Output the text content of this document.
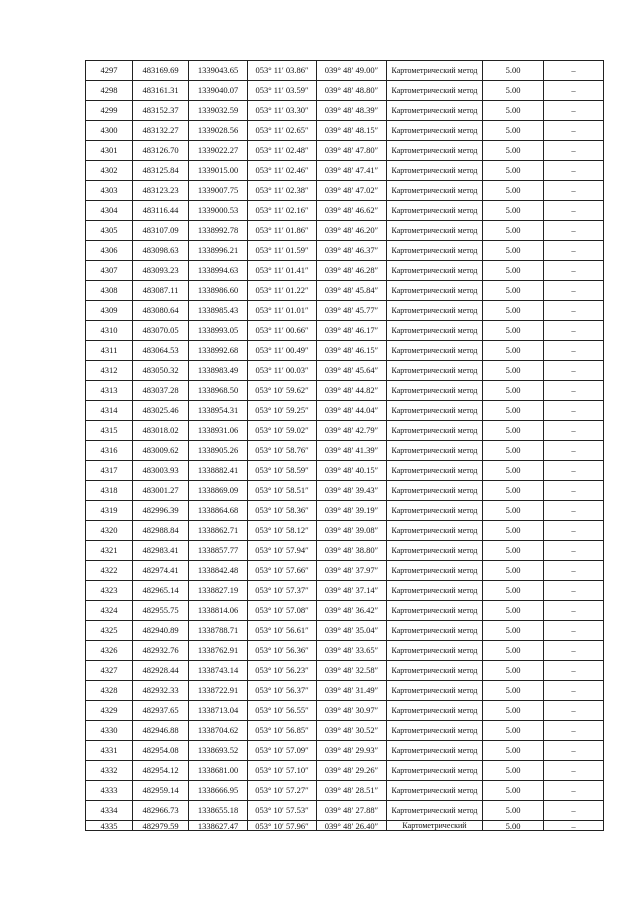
4297	483169.69	1339043.65	053° 11′ 03.86″	039° 48′ 49.00″	Картометрический метод	5.00	–
4298	483161.31	1339040.07	053° 11′ 03.59″	039° 48′ 48.80″	Картометрический метод	5.00	–
4299	483152.37	1339032.59	053° 11′ 03.30″	039° 48′ 48.39″	Картометрический метод	5.00	–
4300	483132.27	1339028.56	053° 11′ 02.65″	039° 48′ 48.15″	Картометрический метод	5.00	–
4301	483126.70	1339022.27	053° 11′ 02.48″	039° 48′ 47.80″	Картометрический метод	5.00	–
4302	483125.84	1339015.00	053° 11′ 02.46″	039° 48′ 47.41″	Картометрический метод	5.00	–
4303	483123.23	1339007.75	053° 11′ 02.38″	039° 48′ 47.02″	Картометрический метод	5.00	–
4304	483116.44	1339000.53	053° 11′ 02.16″	039° 48′ 46.62″	Картометрический метод	5.00	–
4305	483107.09	1338992.78	053° 11′ 01.86″	039° 48′ 46.20″	Картометрический метод	5.00	–
4306	483098.63	1338996.21	053° 11′ 01.59″	039° 48′ 46.37″	Картометрический метод	5.00	–
4307	483093.23	1338994.63	053° 11′ 01.41″	039° 48′ 46.28″	Картометрический метод	5.00	–
4308	483087.11	1338986.60	053° 11′ 01.22″	039° 48′ 45.84″	Картометрический метод	5.00	–
4309	483080.64	1338985.43	053° 11′ 01.01″	039° 48′ 45.77″	Картометрический метод	5.00	–
4310	483070.05	1338993.05	053° 11′ 00.66″	039° 48′ 46.17″	Картометрический метод	5.00	–
4311	483064.53	1338992.68	053° 11′ 00.49″	039° 48′ 46.15″	Картометрический метод	5.00	–
4312	483050.32	1338983.49	053° 11′ 00.03″	039° 48′ 45.64″	Картометрический метод	5.00	–
4313	483037.28	1338968.50	053° 10′ 59.62″	039° 48′ 44.82″	Картометрический метод	5.00	–
4314	483025.46	1338954.31	053° 10′ 59.25″	039° 48′ 44.04″	Картометрический метод	5.00	–
4315	483018.02	1338931.06	053° 10′ 59.02″	039° 48′ 42.79″	Картометрический метод	5.00	–
4316	483009.62	1338905.26	053° 10′ 58.76″	039° 48′ 41.39″	Картометрический метод	5.00	–
4317	483003.93	1338882.41	053° 10′ 58.59″	039° 48′ 40.15″	Картометрический метод	5.00	–
4318	483001.27	1338869.09	053° 10′ 58.51″	039° 48′ 39.43″	Картометрический метод	5.00	–
4319	482996.39	1338864.68	053° 10′ 58.36″	039° 48′ 39.19″	Картометрический метод	5.00	–
4320	482988.84	1338862.71	053° 10′ 58.12″	039° 48′ 39.08″	Картометрический метод	5.00	–
4321	482983.41	1338857.77	053° 10′ 57.94″	039° 48′ 38.80″	Картометрический метод	5.00	–
4322	482974.41	1338842.48	053° 10′ 57.66″	039° 48′ 37.97″	Картометрический метод	5.00	–
4323	482965.14	1338827.19	053° 10′ 57.37″	039° 48′ 37.14″	Картометрический метод	5.00	–
4324	482955.75	1338814.06	053° 10′ 57.08″	039° 48′ 36.42″	Картометрический метод	5.00	–
4325	482940.89	1338788.71	053° 10′ 56.61″	039° 48′ 35.04″	Картометрический метод	5.00	–
4326	482932.76	1338762.91	053° 10′ 56.36″	039° 48′ 33.65″	Картометрический метод	5.00	–
4327	482928.44	1338743.14	053° 10′ 56.23″	039° 48′ 32.58″	Картометрический метод	5.00	–
4328	482932.33	1338722.91	053° 10′ 56.37″	039° 48′ 31.49″	Картометрический метод	5.00	–
4329	482937.65	1338713.04	053° 10′ 56.55″	039° 48′ 30.97″	Картометрический метод	5.00	–
4330	482946.88	1338704.62	053° 10′ 56.85″	039° 48′ 30.52″	Картометрический метод	5.00	–
4331	482954.08	1338693.52	053° 10′ 57.09″	039° 48′ 29.93″	Картометрический метод	5.00	–
4332	482954.12	1338681.00	053° 10′ 57.10″	039° 48′ 29.26″	Картометрический метод	5.00	–
4333	482959.14	1338666.95	053° 10′ 57.27″	039° 48′ 28.51″	Картометрический метод	5.00	–
4334	482966.73	1338655.18	053° 10′ 57.53″	039° 48′ 27.88″	Картометрический метод	5.00	–
4335	482979.59	1338627.47	053° 10′ 57.96″	039° 48′ 26.40″	Картометрический	5.00	–
